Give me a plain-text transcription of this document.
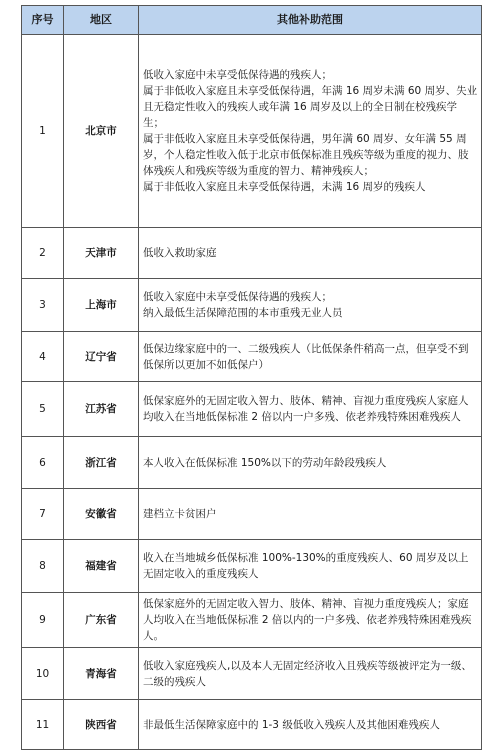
序号	地区	其他补助范围
1	北京市	低收入家庭中未享受低保待遇的残疾人；
属于非低收入家庭且未享受低保待遇，年满 16 周岁未满 60 周岁、失业且无稳定性收入的残疾人或年满 16 周岁及以上的全日制在校残疾学生；
属于非低收入家庭且未享受低保待遇，男年满 60 周岁、女年满 55 周岁，个人稳定性收入低于北京市低保标准且残疾等级为重度的视力、肢体残疾人和残疾等级为重度的智力、精神残疾人；
属于非低收入家庭且未享受低保待遇，未满 16 周岁的残疾人
2	天津市	低收入救助家庭
3	上海市	低收入家庭中未享受低保待遇的残疾人；
纳入最低生活保障范围的本市重残无业人员
4	辽宁省	低保边缘家庭中的一、二级残疾人（比低保条件稍高一点，但享受不到低保所以更加不如低保户）
5	江苏省	低保家庭外的无固定收入智力、肢体、精神、盲视力重度残疾人家庭人均收入在当地低保标准 2 倍以内一户多残、依老养残特殊困难残疾人
6	浙江省	本人收入在低保标准 150%以下的劳动年龄段残疾人
7	安徽省	建档立卡贫困户
8	福建省	收入在当地城乡低保标准 100%-130%的重度残疾人、60 周岁及以上无固定收入的重度残疾人
9	广东省	低保家庭外的无固定收入智力、肢体、精神、盲视力重度残疾人；家庭人均收入在当地低保标准 2 倍以内的一户多残、依老养残特殊困难残疾人。
10	青海省	低收入家庭残疾人,以及本人无固定经济收入且残疾等级被评定为一级、二级的残疾人
11	陕西省	非最低生活保障家庭中的 1-3 级低收入残疾人及其他困难残疾人
